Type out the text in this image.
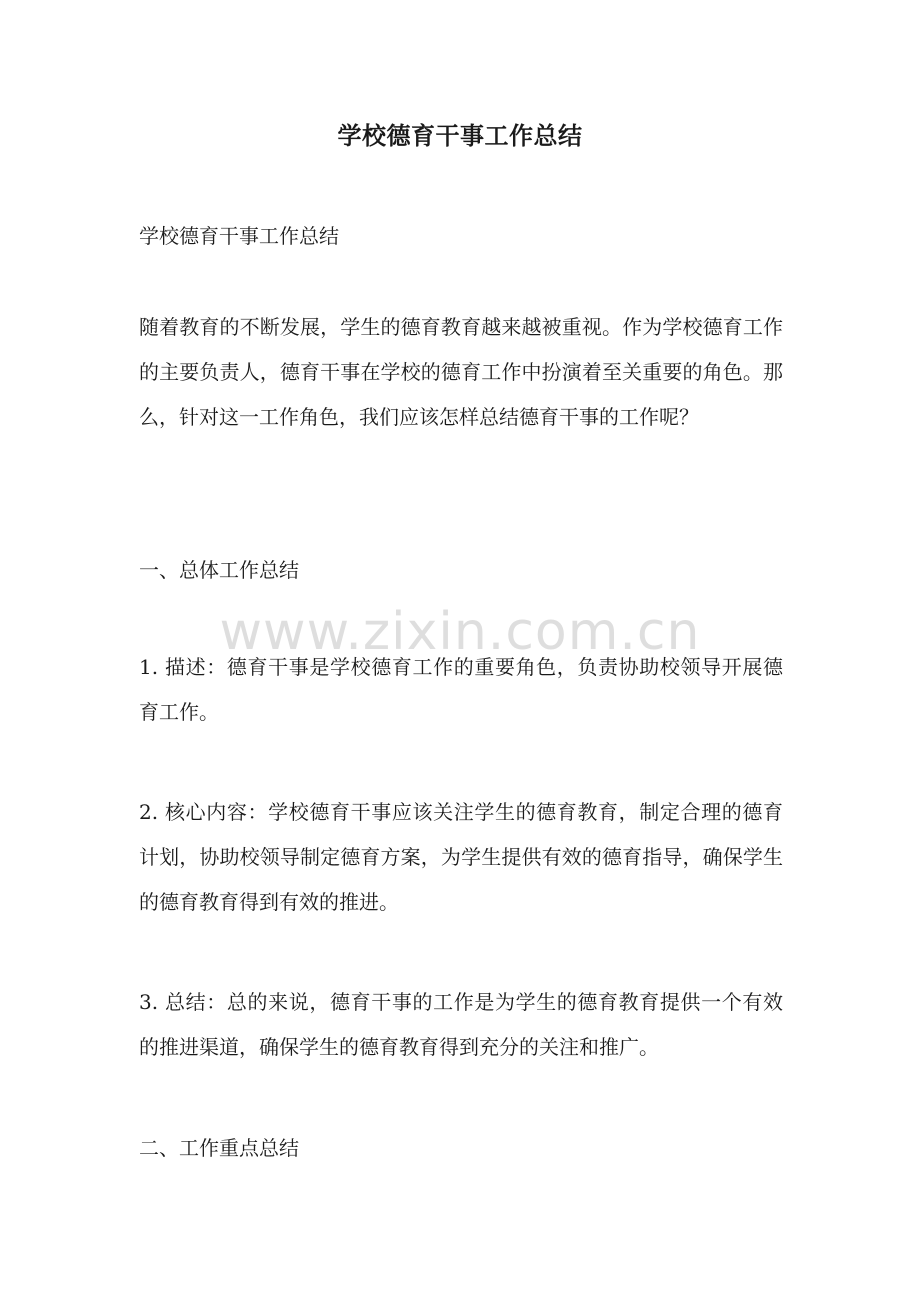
学校德育干事工作总结

学校德育干事工作总结

随着教育的不断发展，学生的德育教育越来越被重视。作为学校德育工作的主要负责人，德育干事在学校的德育工作中扮演着至关重要的角色。那么，针对这一工作角色，我们应该怎样总结德育干事的工作呢？

一、总体工作总结

1. 描述：德育干事是学校德育工作的重要角色，负责协助校领导开展德育工作。

2. 核心内容：学校德育干事应该关注学生的德育教育，制定合理的德育计划，协助校领导制定德育方案，为学生提供有效的德育指导，确保学生的德育教育得到有效的推进。

3. 总结：总的来说，德育干事的工作是为学生的德育教育提供一个有效的推进渠道，确保学生的德育教育得到充分的关注和推广。

二、工作重点总结

www.zixin.com.cn
